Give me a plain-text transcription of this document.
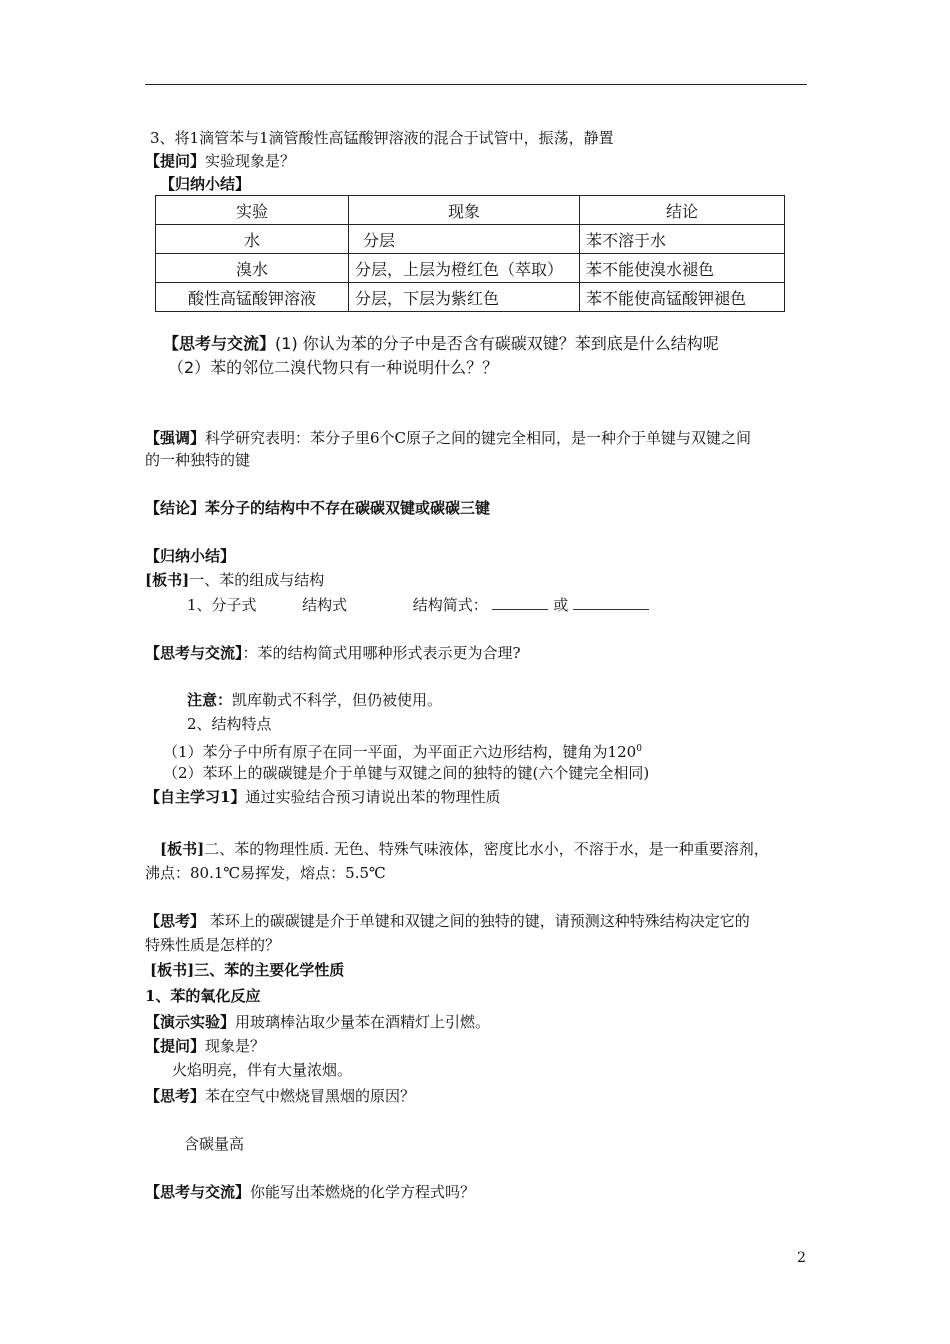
3、将1滴管苯与1滴管酸性高锰酸钾溶液的混合于试管中，振荡，静置
【提问】实验现象是？
【归纳小结】
实验	现象	结论
水	分层	苯不溶于水
溴水	分层，上层为橙红色（萃取）	苯不能使溴水褪色
酸性高锰酸钾溶液	分层，下层为紫红色	苯不能使高锰酸钾褪色
【思考与交流】(1) 你认为苯的分子中是否含有碳碳双键？苯到底是什么结构呢
（2）苯的邻位二溴代物只有一种说明什么？？
【强调】科学研究表明：苯分子里6个C原子之间的键完全相同，是一种介于单键与双键之间
的一种独特的键
【结论】苯分子的结构中不存在碳碳双键或碳碳三键
【归纳小结】
[板书]一、苯的组成与结构
1、分子式	结构式	结构简式：	或
【思考与交流】：苯的结构简式用哪种形式表示更为合理?
注意：凯库勒式不科学，但仍被使用。
2、结构特点
（1）苯分子中所有原子在同一平面，为平面正六边形结构，键角为$120^0$
（2）苯环上的碳碳键是介于单键与双键之间的独特的键(六个键完全相同)
【自主学习1】通过实验结合预习请说出苯的物理性质
[板书]二、苯的物理性质. 无色、特殊气味液体，密度比水小，不溶于水，是一种重要溶剂，
沸点：80.1℃易挥发，熔点：5.5℃
【思考】 苯环上的碳碳键是介于单键和双键之间的独特的键，请预测这种特殊结构决定它的
特殊性质是怎样的？
[板书]三、苯的主要化学性质
1、苯的氧化反应
【演示实验】用玻璃棒沾取少量苯在酒精灯上引燃。
【提问】现象是？
火焰明亮，伴有大量浓烟。
【思考】苯在空气中燃烧冒黑烟的原因？
含碳量高
【思考与交流】你能写出苯燃烧的化学方程式吗？
2
